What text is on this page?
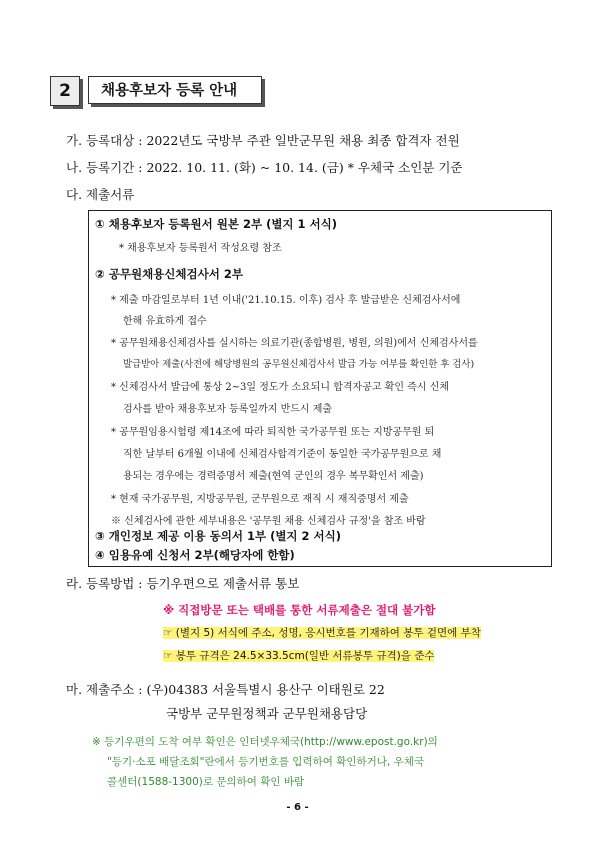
2	채용후보자 등록 안내
가. 등록대상 : 2022년도 국방부 주관 일반군무원 채용 최종 합격자 전원
나. 등록기간 : 2022. 10. 11. (화) ~ 10. 14. (금) * 우체국 소인분 기준
다. 제출서류
① 채용후보자 등록원서 원본 2부 (별지 1 서식)
* 채용후보자 등록원서 작성요령 참조
② 공무원채용신체검사서 2부
* 제출 마감일로부터 1년 이내('21.10.15. 이후) 검사 후 발급받은 신체검사서에
한해 유효하게 접수
* 공무원채용신체검사를 실시하는 의료기관(종합병원, 병원, 의원)에서 신체검사서를
발급받아 제출(사전에 해당병원의 공무원신체검사서 발급 가능 여부를 확인한 후 검사)
* 신체검사서 발급에 통상 2~3일 정도가 소요되니 합격자공고 확인 즉시 신체
검사를 받아 채용후보자 등록일까지 반드시 제출
* 공무원임용시험령 제14조에 따라 퇴직한 국가공무원 또는 지방공무원 퇴
직한 날부터 6개월 이내에 신체검사합격기준이 동일한 국가공무원으로 채
용되는 경우에는 경력증명서 제출(현역 군인의 경우 복무확인서 제출)
* 현재 국가공무원, 지방공무원, 군무원으로 재직 시 재직증명서 제출
※ 신체검사에 관한 세부내용은 '공무원 채용 신체검사 규정'을 참조 바람
③ 개인정보 제공 이용 동의서 1부 (별지 2 서식)
④ 임용유예 신청서 2부(해당자에 한함)
라. 등록방법 : 등기우편으로 제출서류 통보
※ 직접방문 또는 택배를 통한 서류제출은 절대 불가함
☞ (별지 5) 서식에 주소, 성명, 응시번호를 기재하여 봉투 겉면에 부착
☞ 봉투 규격은 24.5×33.5cm(일반 서류봉투 규격)을 준수
마. 제출주소 : (우)04383 서울특별시 용산구 이태원로 22
국방부 군무원정책과 군무원채용담당
※ 등기우편의 도착 여부 확인은 인터넷우체국(http://www.epost.go.kr)의
"등기·소포 배달조회"란에서 등기번호를 입력하여 확인하거나, 우체국
콜센터(1588-1300)로 문의하여 확인 바람
- 6 -
